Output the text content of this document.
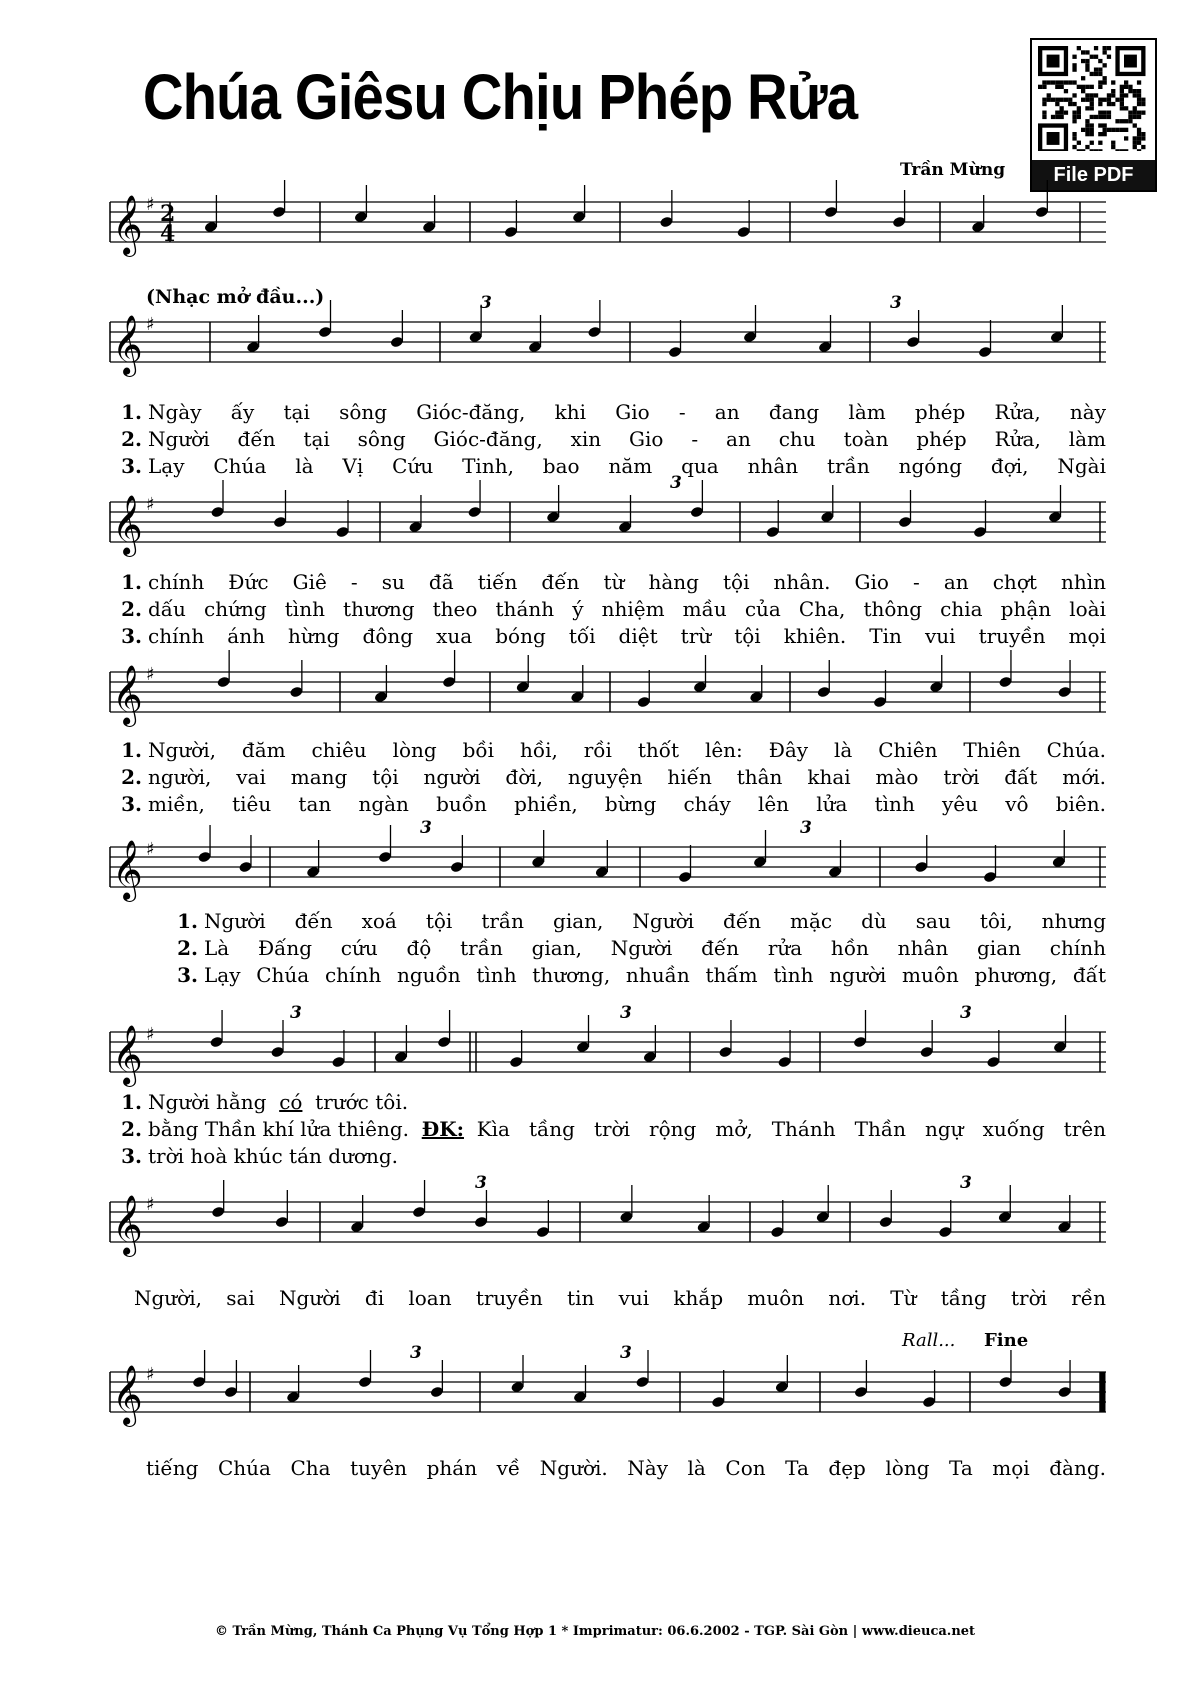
Chúa Giêsu Chịu Phép Rửa
Trần Mừng	File PDF
𝄞 ♯ 2
4
(Nhạc mở đầu...)
𝄞 ♯
3	3
1. Ngày ấy tại sông Gióc-đăng, khi Gio - an đang làm phép Rửa, này
2. Người đến tại sông Gióc-đăng, xin Gio - an chu toàn phép Rửa, làm
3. Lạy Chúa là Vị Cứu Tinh, bao năm qua nhân trần ngóng đợi, Ngài
𝄞 ♯
3
1. chính Đức Giê - su đã tiến đến từ hàng tội nhân. Gio - an chợt nhìn
2. dấu chứng tình thương theo thánh ý nhiệm mầu của Cha, thông chia phận loài
3. chính ánh hừng đông xua bóng tối diệt trừ tội khiên. Tin vui truyền mọi
𝄞 ♯
1. Người, đăm chiêu lòng bồi hồi, rồi thốt lên: Đây là Chiên Thiên Chúa.
2. người, vai mang tội người đời, nguyện hiến thân khai mào trời đất mới.
3. miền, tiêu tan ngàn buồn phiền, bừng cháy lên lửa tình yêu vô biên.
𝄞 ♯
3	3
1. Người đến xoá tội trần gian, Người đến mặc dù sau tôi, nhưng
2. Là Đấng cứu độ trần gian, Người đến rửa hồn nhân gian chính
3. Lạy Chúa chính nguồn tình thương, nhuần thấm tình người muôn phương, đất
𝄞 ♯
3	3	3
1. Người hằng
có
trước tôi.
2. bằng Thần khí lửa thiêng.
ĐK:
Kìa tầng trời rộng mở, Thánh Thần ngự xuống trên
3. trời hoà khúc tán dương.
𝄞 ♯
3	3
Người, sai Người đi loan truyền tin vui khắp muôn nơi. Từ tầng trời rền
𝄞 ♯
3	3
tiếng Chúa Cha tuyên phán về Người. Này là Con Ta đẹp lòng Ta mọi đàng.
Rall... Fine
© Trần Mừng, Thánh Ca Phụng Vụ Tổng Hợp 1 * Imprimatur: 06.6.2002 - TGP. Sài Gòn | www.dieuca.net
